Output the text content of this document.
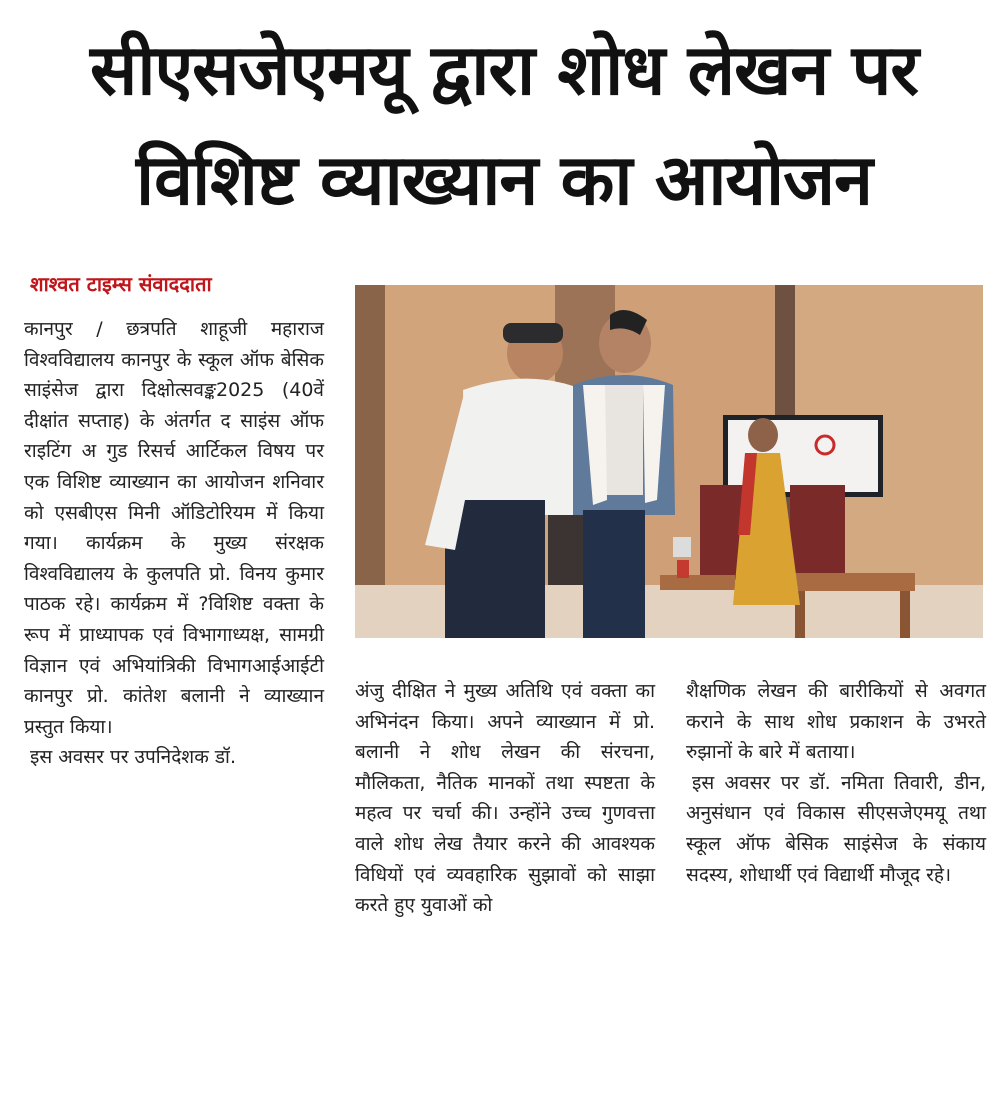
सीएसजेएमयू द्वारा शोध लेखन पर
विशिष्ट व्याख्यान का आयोजन
शाश्वत टाइम्स संवाददाता

कानपुर / छत्रपति शाहूजी महाराज विश्वविद्यालय कानपुर के स्कूल ऑफ बेसिक साइंसेज द्वारा दिक्षोत्सवङ्क2025 (40वें दीक्षांत सप्ताह) के अंतर्गत द साइंस ऑफ राइटिंग अ गुड रिसर्च आर्टिकल विषय पर एक विशिष्ट व्याख्यान का आयोजन शनिवार को एसबीएस मिनी ऑडिटोरियम में किया गया। कार्यक्रम के मुख्य संरक्षक विश्वविद्यालय के कुलपति प्रो. विनय कुमार पाठक रहे। कार्यक्रम में ?विशिष्ट वक्ता के रूप में प्राध्यापक एवं विभागाध्यक्ष, सामग्री विज्ञान एवं अभियांत्रिकी विभागआईआईटी कानपुर प्रो. कांतेश बलानी ने व्याख्यान प्रस्तुत किया।

इस अवसर पर उपनिदेशक डॉ.

अंजु दीक्षित ने मुख्य अतिथि एवं वक्ता का अभिनंदन किया। अपने व्याख्यान में प्रो. बलानी ने शोध लेखन की संरचना, मौलिकता, नैतिक मानकों तथा स्पष्टता के महत्व पर चर्चा की। उन्होंने उच्च गुणवत्ता वाले शोध लेख तैयार करने की आवश्यक विधियों एवं व्यवहारिक सुझावों को साझा करते हुए युवाओं को

शैक्षणिक लेखन की बारीकियों से अवगत कराने के साथ शोध प्रकाशन के उभरते रुझानों के बारे में बताया।

इस अवसर पर डॉ. नमिता तिवारी, डीन, अनुसंधान एवं विकास सीएसजेएमयू तथा स्कूल ऑफ बेसिक साइंसेज के संकाय सदस्य, शोधार्थी एवं विद्यार्थी मौजूद रहे।
